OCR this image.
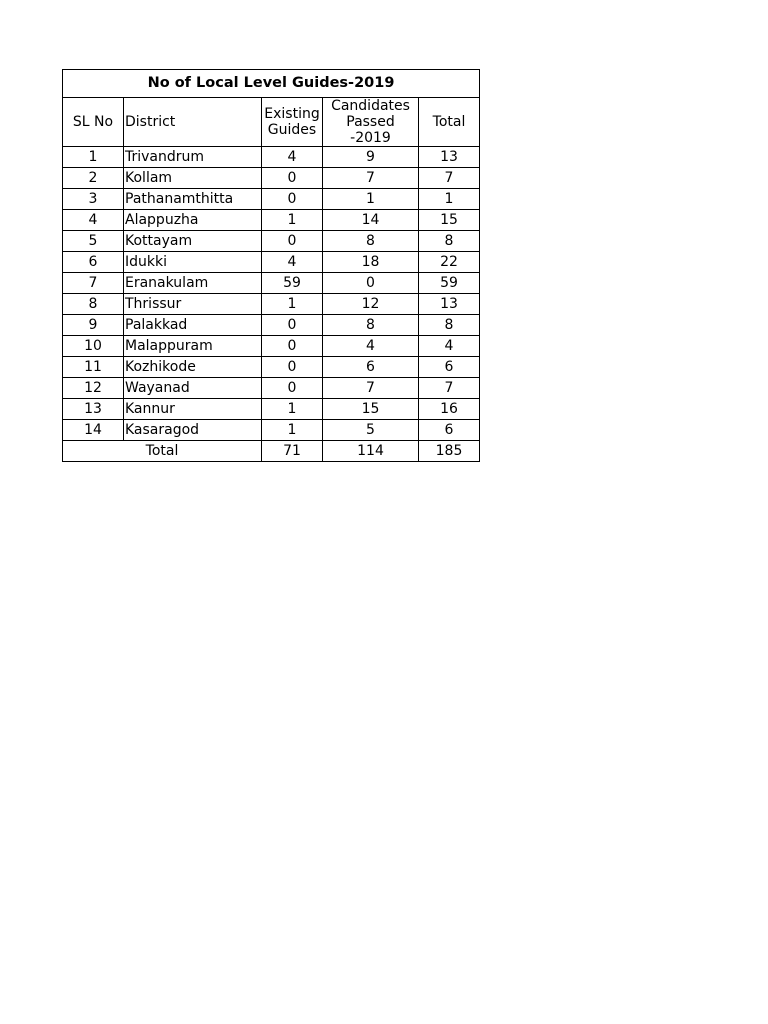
No of Local Level Guides-2019				
SL No	District	Existing Guides	Candidates Passed -2019	Total
1	Trivandrum	4	9	13
2	Kollam	0	7	7
3	Pathanamthitta	0	1	1
4	Alappuzha	1	14	15
5	Kottayam	0	8	8
6	Idukki	4	18	22
7	Eranakulam	59	0	59
8	Thrissur	1	12	13
9	Palakkad	0	8	8
10	Malappuram	0	4	4
11	Kozhikode	0	6	6
12	Wayanad	0	7	7
13	Kannur	1	15	16
14	Kasaragod	1	5	6
Total		71	114	185
